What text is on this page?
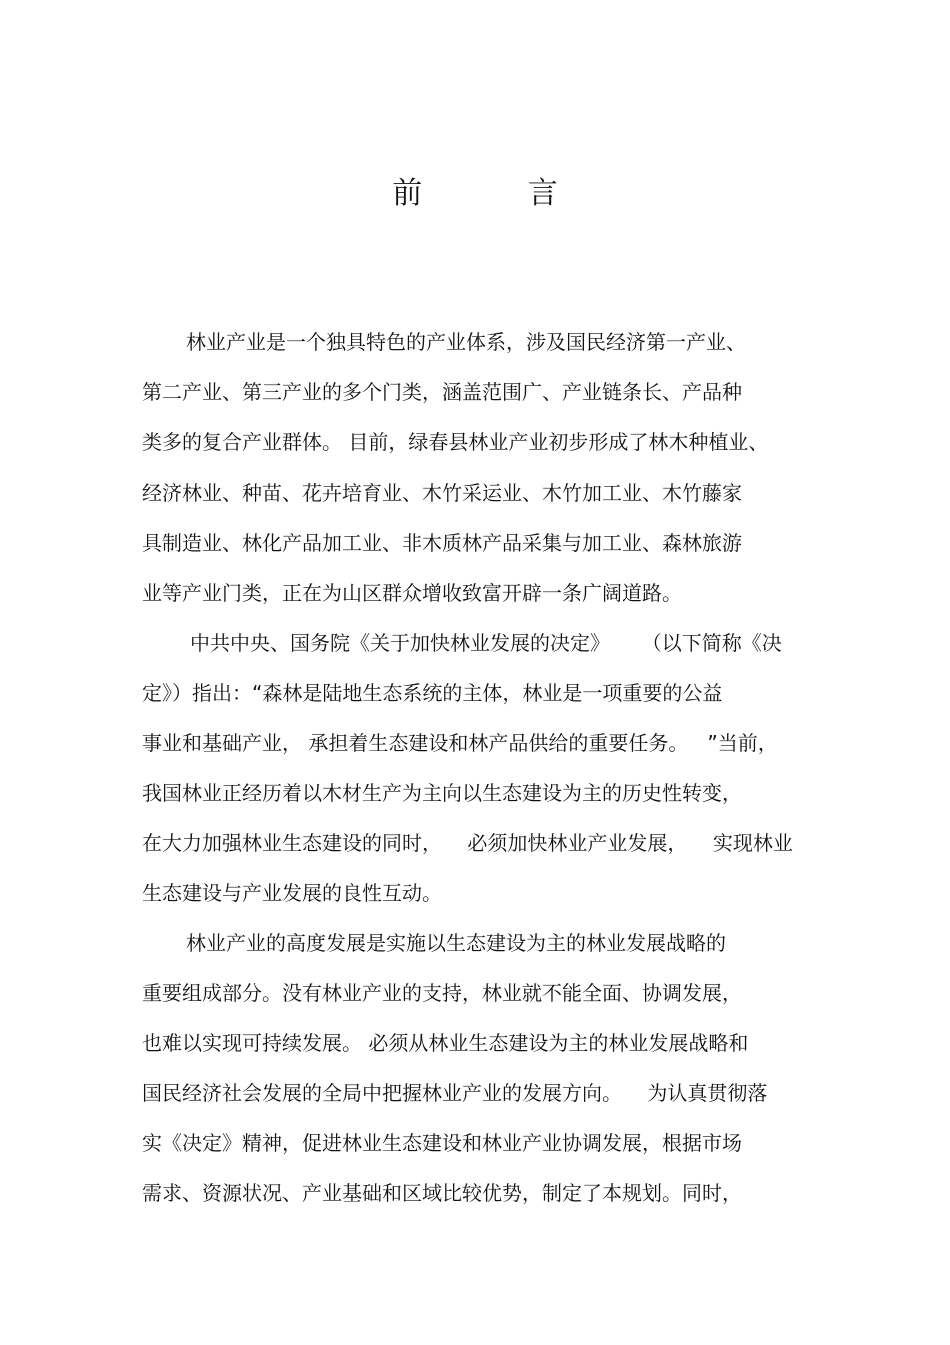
前 言
林业产业是一个独具特色的产业体系，涉及国民经济第一产业、
第二产业、第三产业的多个门类，涵盖范围广、产业链条长、产品种
类多的复合产业群体。 目前，绿春县林业产业初步形成了林木种植业、
经济林业、种苗、花卉培育业、木竹采运业、木竹加工业、木竹藤家
具制造业、林化产品加工业、非木质林产品采集与加工业、森林旅游
业等产业门类，正在为山区群众增收致富开辟一条广阔道路。
中共中央、国务院《关于加快林业发展的决定》     （以下简称《决
定》）指出：“森林是陆地生态系统的主体，林业是一项重要的公益
事业和基础产业， 承担着生态建设和林产品供给的重要任务。   ”当前，
我国林业正经历着以木材生产为主向以生态建设为主的历史性转变，
在大力加强林业生态建设的同时，    必须加快林业产业发展，    实现林业
生态建设与产业发展的良性互动。
林业产业的高度发展是实施以生态建设为主的林业发展战略的
重要组成部分。没有林业产业的支持，林业就不能全面、协调发展，
也难以实现可持续发展。 必须从林业生态建设为主的林业发展战略和
国民经济社会发展的全局中把握林业产业的发展方向。    为认真贯彻落
实《决定》精神，促进林业生态建设和林业产业协调发展，根据市场
需求、资源状况、产业基础和区域比较优势，制定了本规划。同时，
